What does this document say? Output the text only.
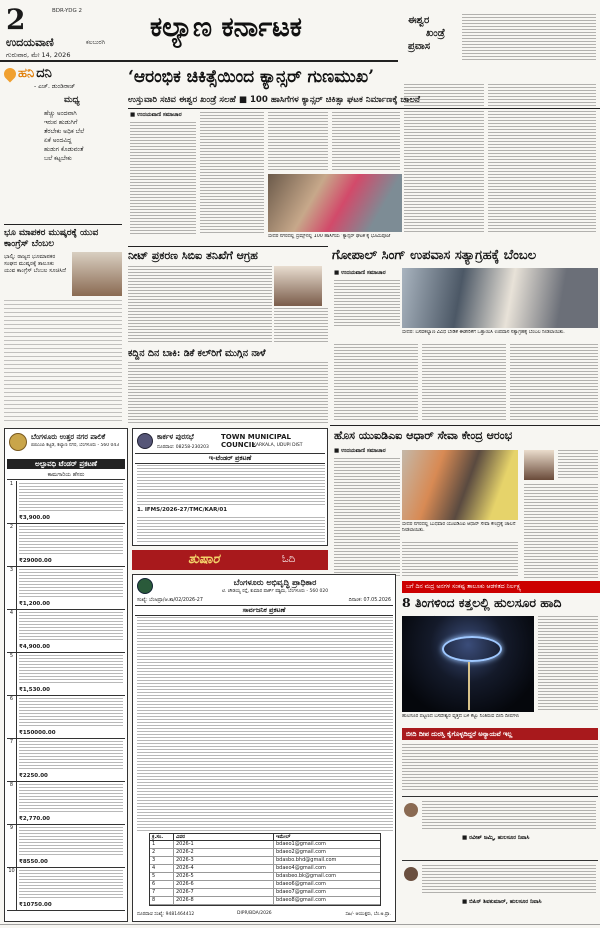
2	BDR-YDG 2
ಉದಯವಾಣಿ	ಕಲಬುರಗಿ
ಗುರುವಾರ, ಮೇ 14, 2026
ಕಲ್ಯಾಣ ಕರ್ನಾಟಕ	ಈಶ್ವರ
ಖಂಡ್ರೆ
ಪ್ರವಾಸ
ಹನಿ ದನಿ
- ಎಚ್. ಡುಂಡಿರಾಜ್
ಮಧ್ಯ
ಹೆಚ್ಚು ಅಂದವಾಗಿ
ಇರುವ ಹುಡುಗಿಗೆ
ತೆರಬೇಕು ಅಧಿಕ ಬೆಲೆ
ಏಕೆ ಅಂದವಿದ್ದ
ಹುಡುಗ ಕೊಡುವಂತೆ
ಬಲೆ ಕಟ್ಟಬೇಕು
ಭೂ ಮಾಪಕರ ಮುಷ್ಕರಕ್ಕೆ ಯುವ ಕಾಂಗ್ರೆಸ್ ಬೆಂಬಲ
ಭಾಲ್ಕಿ: ರಾಜ್ಯದ ಭೂಮಾಪಕರ ಸಂಘದ ಮುಷ್ಕರಕ್ಕೆ ತಾಲೂಕು ಯುವ ಕಾಂಗ್ರೆಸ್ ಬೆಂಬಲ ಸೂಚಿಸಿದೆ
‘ಆರಂಭಿಕ ಚಿಕಿತ್ಸೆಯಿಂದ ಕ್ಯಾನ್ಸರ್‌ ಗುಣಮುಖ’
ಉಸ್ತುವಾರಿ ಸಚಿವ ಈಶ್ವರ ಖಂಡ್ರೆ ಸಲಹೆ ■ 100 ಹಾಸಿಗೆಗಳ ಕ್ಯಾನ್ಸರ್‌ ಚಿಕಿತ್ಸಾ ಘಟಕ ನಿರ್ಮಾಣಕ್ಕೆ ಚಾಲನೆ
■ ಉದಯವಾಣಿ ಸಮಾಚಾರ
ಬೀದರ ನಗರದಲ್ಲಿ ಬ್ರಿಮ್ಸ್‌ನಲ್ಲಿ 100 ಹಾಸಿಗೆಯ ‘ಕ್ಯಾನ್ಸರ್‌ ಘಟಕ’ಕ್ಕೆ ಭೂಮಿಪೂಜೆ
ನೀಟ್‌ ಪ್ರಕರಣ ಸಿಬಿಐ ತನಿಖೆಗೆ ಆಗ್ರಹ
ಕದ್ದಿನ ದಿನ ಬಾಕಿ: ಡಿಕೆ ಕಲ್‌ರಿಗೆ ಮುಗ್ಗಿನ ನಾಳೆ
ಗೋಪಾಲ್‌ ಸಿಂಗ್‌ ಉಪವಾಸ ಸತ್ಯಾಗ್ರಹಕ್ಕೆ ಬೆಂಬಲ
■ ಉದಯವಾಣಿ ಸಮಾಚಾರ
ಬೀದರ: ಬಸವಕಲ್ಯಾಣ ವಿವಿಧ ಬೇಡಿಕೆ ಈಡೇರಿಕೆಗೆ ಒತ್ತಾಯಿಸಿ ಉಪವಾಸ ಸತ್ಯಾಗ್ರಹಕ್ಕೆ ಬೆಂಬಲ ನೀಡಲಾಯಿತು.
ಹೊಸ ಯುಐಡಿಎಐ ಆಧಾರ್‌ ಸೇವಾ ಕೇಂದ್ರ ಆರಂಭ
■ ಉದಯವಾಣಿ ಸಮಾಚಾರ
ಬೀದರ ನಗರದಲ್ಲಿ ಬುಧವಾರ ಯುಐಡಿಎಐ ಆಧಾರ್‌ ಸೇವಾ ಕೇಂದ್ರಕ್ಕೆ ಚಾಲನೆ ನೀಡಲಾಯಿತು.
ಬಗೆ ದಿನ ಮದ್ರ ಅನಗಳ ಸಂಕಷ್ಟ ತಾಲೂಕು ಆಡಳಿತದ ನಿರ್ಲಕ್ಷ್ಯ
8 ತಿಂಗಳಿಂದ ಕತ್ತಲಲ್ಲಿ ಹುಲಸೂರ ಹಾದಿ
ಹುಲಸೂರ ಪಟ್ಟಣದ ಬಸವೇಶ್ವರ ವೃತ್ತದ ಬಳಿ ಕೆಟ್ಟು ನಿಂತಿರುವ ಬೀದಿ ದೀಪಗಳು
ಬೀದಿ ದೀಪ ದುರಸ್ತಿ ಕೈಗೊಳ್ಳದಿದ್ದರೆ ಅನ್ಯಾಯವೆ ಇಲ್ಲ
■ ರವೀಶ್‌ ಜಮ್ಮಿ, ಹುಲಸೂರ ನಿವಾಸಿ
■ ಬಿಪಿನ್‌ ಶಿವಕುಮಾರ್‌, ಹುಲಸೂರ ನಿವಾಸಿ
ಬೆಂಗಳೂರು ಉತ್ತರ ನಗರ ಪಾಲಿಕೆ
ಬಿಬಿಎಂಪಿ ಕಟ್ಟಡ, ಕಲ್ಯಾಣ ನಗರ, ಬೆಂಗಳೂರು - 560 043
ಅಲ್ಪಾವಧಿ ಟೆಂಡರ್‌ ಪ್ರಕಟಣೆ
ಕಾಮಗಾರಿಯ ಹೆಸರು
1
₹3,900.00
2
₹29000.00
3
₹1,200.00
4
₹4,900.00
5
₹1,530.00
6
₹150000.00
7
₹2250.00
8
₹2,770.00
9
₹8550.00
10
₹10750.00
ಕಾರ್ಕಳ ಪುರಸಭೆ	TOWN MUNICIPAL COUNCIL
KARKALA, UDUPI DIST
ದೂರವಾಣಿ: 08258-230203
ಇ-ಟೆಂಡರ್‌ ಪ್ರಕಟಣೆ
1. IFMS/2026-27/TMC/KAR/01
ತುಷಾರ	ಓದಿ
ಬೆಂಗಳೂರು ಅಭಿವೃದ್ಧಿ ಪ್ರಾಧಿಕಾರ
ಟಿ. ಚೌಡಯ್ಯ ರಸ್ತೆ, ಕುಮಾರ ಪಾರ್ಕ್‌ ಪಶ್ಚಿಮ, ಬೆಂಗಳೂರು - 560 020
ಸಂಖ್ಯೆ: ಬೆಂಅಪ್ರಾ/ಆ.ಶಾ/02/2026-27	ದಿನಾಂಕ: 07.05.2026
ಸಾರ್ವಜನಿಕ ಪ್ರಕಟಣೆ
ಕ್ರ.ಸಂ.	ವಿವರ	ಇಮೇಲ್‌
1	2026-1	bdaeo1@gmail.com
2	2026-2	bdaeo2@gmail.com
3	2026-3	bdasbo.bhd@gmail.com
4	2026-4	bdaeo4@gmail.com
5	2026-5	bdasbeo.bk@gmail.com
6	2026-6	bdaeo6@gmail.com
7	2026-7	bdaeo7@gmail.com
8	2026-8	bdaeo8@gmail.com
ದೂರವಾಣಿ ಸಂಖ್ಯೆ: 9481464412	DIPR/BDA/2026	ಸಹಿ/- ಆಯುಕ್ತರು, ಬೆಂ.ಅ.ಪ್ರಾ.
